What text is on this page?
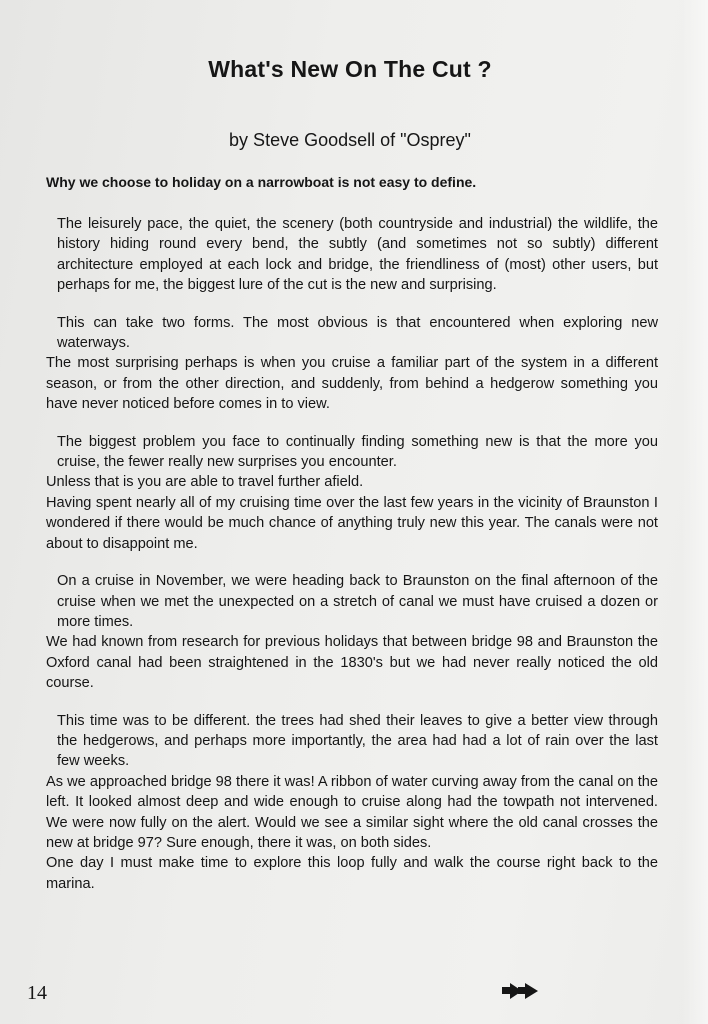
What's New On The Cut ?

by Steve Goodsell of "Osprey"

Why we choose to holiday on a narrowboat is not easy to define.

The leisurely pace, the quiet, the scenery (both countryside and industrial) the wildlife, the history hiding round every bend, the subtly (and sometimes not so subtly) different architecture employed at each lock and bridge, the friendliness of (most) other users, but perhaps for me, the biggest lure of the cut is the new and surprising.

This can take two forms. The most obvious is that encountered when exploring new waterways.
The most surprising perhaps is when you cruise a familiar part of the system in a different season, or from the other direction, and suddenly, from behind a hedgerow something you have never noticed before comes in to view.

The biggest problem you face to continually finding something new is that the more you cruise, the fewer really new surprises you encounter.
Unless that is you are able to travel further afield.
Having spent nearly all of my cruising time over the last few years in the vicinity of Braunston I wondered if there would be much chance of anything truly new this year. The canals were not about to disappoint me.

On a cruise in November, we were heading back to Braunston on the final afternoon of the cruise when we met the unexpected on a stretch of canal we must have cruised a dozen or more times.
We had known from research for previous holidays that between bridge 98 and Braunston the Oxford canal had been straightened in the 1830's but we had never really noticed the old course.

This time was to be different. the trees had shed their leaves to give a better view through the hedgerows, and perhaps more importantly, the area had had a lot of rain over the last few weeks.
As we approached bridge 98 there it was! A ribbon of water curving away from the canal on the left. It looked almost deep and wide enough to cruise along had the towpath not intervened. We were now fully on the alert. Would we see a similar sight where the old canal crosses the new at bridge 97? Sure enough, there it was, on both sides.
One day I must make time to explore this loop fully and walk the course right back to the marina.

14
